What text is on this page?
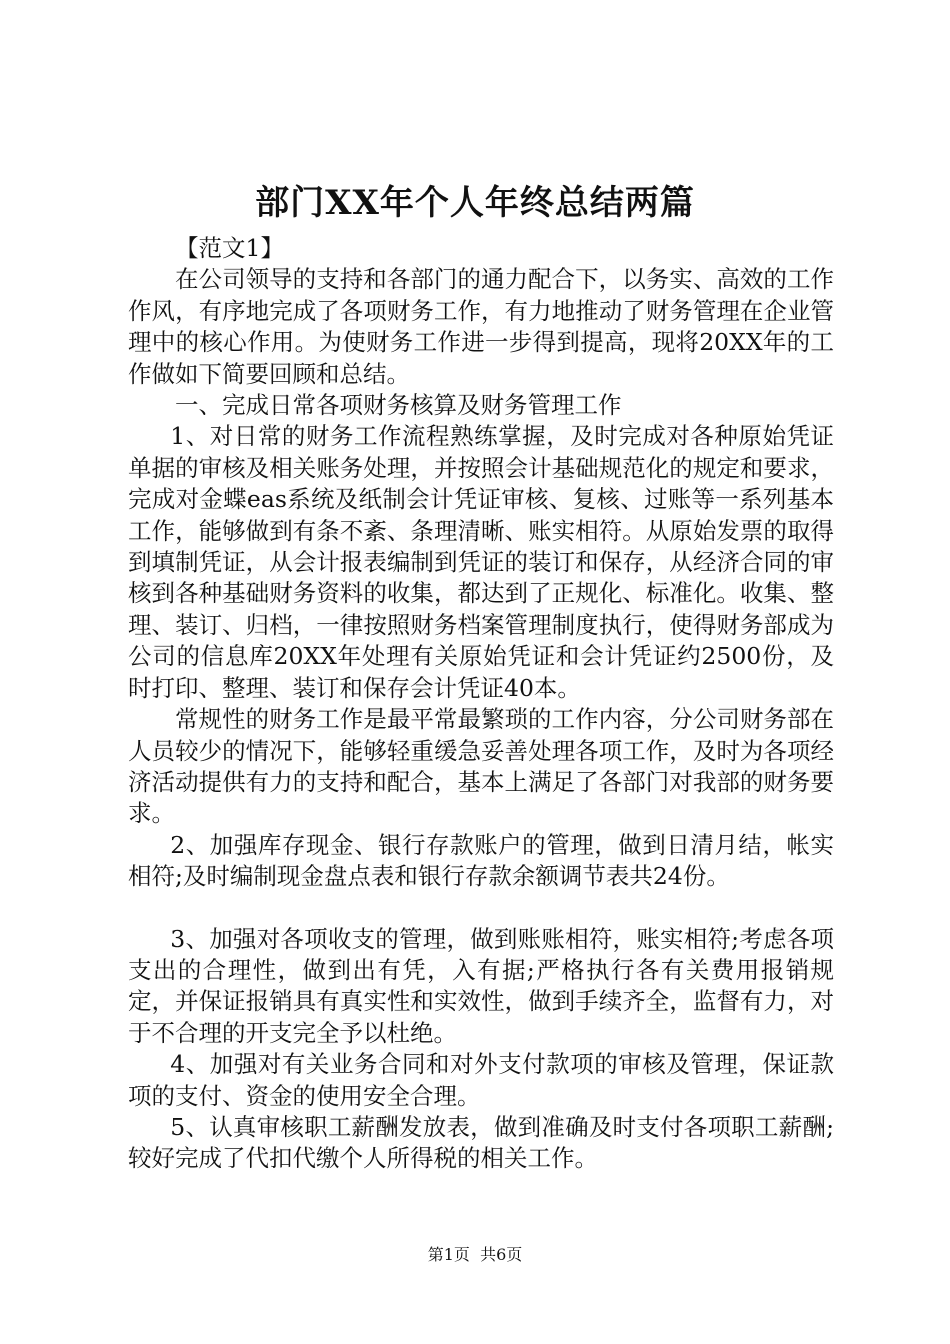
部门XX年个人年终总结两篇

【范文1】

在公司领导的支持和各部门的通力配合下，以务实、高效的工作作风，有序地完成了各项财务工作，有力地推动了财务管理在企业管理中的核心作用。为使财务工作进一步得到提高，现将20XX年的工作做如下简要回顾和总结。

一、完成日常各项财务核算及财务管理工作

1、对日常的财务工作流程熟练掌握，及时完成对各种原始凭证单据的审核及相关账务处理，并按照会计基础规范化的规定和要求，完成对金蝶eas系统及纸制会计凭证审核、复核、过账等一系列基本工作，能够做到有条不紊、条理清晰、账实相符。从原始发票的取得到填制凭证，从会计报表编制到凭证的装订和保存，从经济合同的审核到各种基础财务资料的收集，都达到了正规化、标准化。收集、整理、装订、归档，一律按照财务档案管理制度执行，使得财务部成为公司的信息库20XX年处理有关原始凭证和会计凭证约2500份，及时打印、整理、装订和保存会计凭证40本。

常规性的财务工作是最平常最繁琐的工作内容，分公司财务部在人员较少的情况下，能够轻重缓急妥善处理各项工作，及时为各项经济活动提供有力的支持和配合，基本上满足了各部门对我部的财务要求。

2、加强库存现金、银行存款账户的管理，做到日清月结，帐实相符;及时编制现金盘点表和银行存款余额调节表共24份。

3、加强对各项收支的管理，做到账账相符，账实相符;考虑各项支出的合理性，做到出有凭，入有据;严格执行各有关费用报销规定，并保证报销具有真实性和实效性，做到手续齐全，监督有力，对于不合理的开支完全予以杜绝。

4、加强对有关业务合同和对外支付款项的审核及管理，保证款项的支付、资金的使用安全合理。

5、认真审核职工薪酬发放表，做到准确及时支付各项职工薪酬;较好完成了代扣代缴个人所得税的相关工作。

第1页  共6页
